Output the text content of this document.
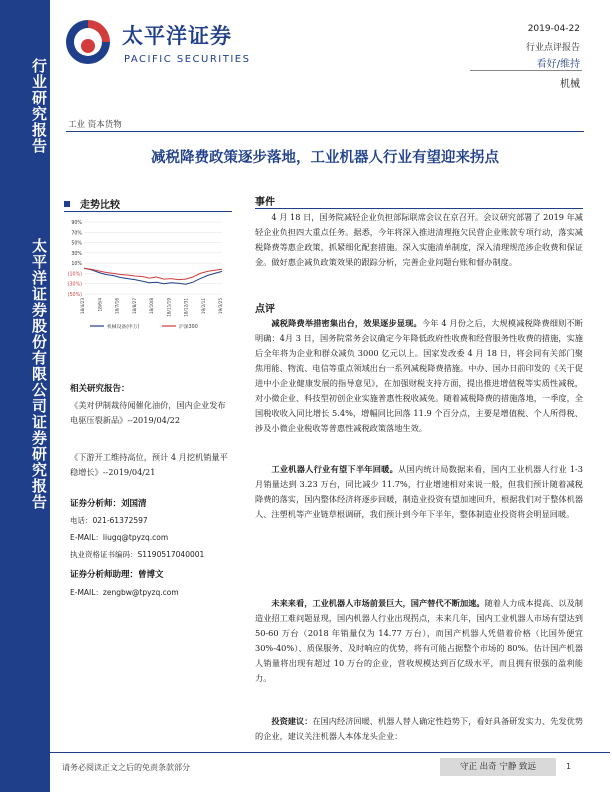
行业研究报告
太平洋证券股份有限公司证券研究报告
太平洋证券
PACIFIC SECURITIES
2019-04-22
行业点评报告
看好/维持
机械
工业 资本货物
减税降费政策逐步落地，工业机器人行业有望迎来拐点
走势比较
90%
70%
50%
30%
10%
(10%)
(30%)
(50%)
18/4/23	18/6/4	18/7/16	18/8/27	18/10/8	18/11/19	18/12/31	19/2/11	19/3/25
机械设备(申万)	沪深300
相关研究报告：
《美对伊制裁待闻催化油价，国内企业发布电驱压裂新品》--2019/04/22
《下游开工维持高位，预计 4 月挖机销量平稳增长》--2019/04/21
证券分析师：刘国清
电话：021-61372597
E-MAIL：liugq@tpyzq.com
执业资格证书编码：S1190517040001
证券分析师助理：曾博文
E-MAIL：zengbw@tpyzq.com
事件
4 月 18 日，国务院减轻企业负担部际联席会议在京召开。会议研究部署了 2019 年减轻企业负担四大重点任务。据悉，今年将深入推进清理拖欠民营企业账款专项行动，落实减税降费等惠企政策，抓紧细化配套措施。深入实施清单制度，深入清理规范涉企收费和保证金。做好惠企减负政策效果的跟踪分析，完善企业问题台账和督办制度。
点评
减税降费举措密集出台，效果逐步显现。今年 4 月份之后，大规模减税降费细则不断明确：4月 3 日，国务院常务会议确定今年降低政府性收费和经营服务性收费的措施，实施后全年将为企业和群众减负 3000 亿元以上。国家发改委 4 月 18 日，将会同有关部门聚焦用能、物流、电信等重点领域出台一系列减税降费措施。中办、国办日前印发的《关于促进中小企业健康发展的指导意见》，在加强财税支持方面，提出推进增值税等实质性减税，对小微企业、科技型初创企业实施普惠性税收减免。随着减税降费的措施落地，一季度，全国税收收入同比增长 5.4%，增幅同比回落 11.9 个百分点，主要是增值税、个人所得税、涉及小微企业税收等普惠性减税政策落地生效。
工业机器人行业有望下半年回暖。从国内统计局数据来看，国内工业机器人行业 1-3 月销量达到 3.23 万台，同比减少 11.7%，行业增速相对来说一般，但我们预计随着减税降费的落实，国内整体经济将逐步回暖，制造业投资有望加速回升，根据我们对于整体机器人、注塑机等产业链草根调研，我们预计到今年下半年，整体制造业投资将会明显回暖。
未来来看，工业机器人市场前景巨大，国产替代不断加速。随着人力成本提高、以及制造业招工难问题显现，国内机器人行业出现拐点，未来几年，国内工业机器人市场有望达到 50-60 万台（2018 年销量仅为 14.77 万台），而国产机器人凭借着价格（比国外便宜 30%-40%）、质保服务、及时响应的优势，将有可能占据整个市场的 80%。估计国产机器人销量将出现有超过 10 万台的企业，营收规模达到百亿级水平，而且拥有很强的盈利能力。
投资建议：在国内经济回暖、机器人替人确定性趋势下，看好具备研发实力、先发优势的企业，建议关注机器人本体龙头企业：
请务必阅读正文之后的免责条款部分	守正 出奇 宁静 致远	1
